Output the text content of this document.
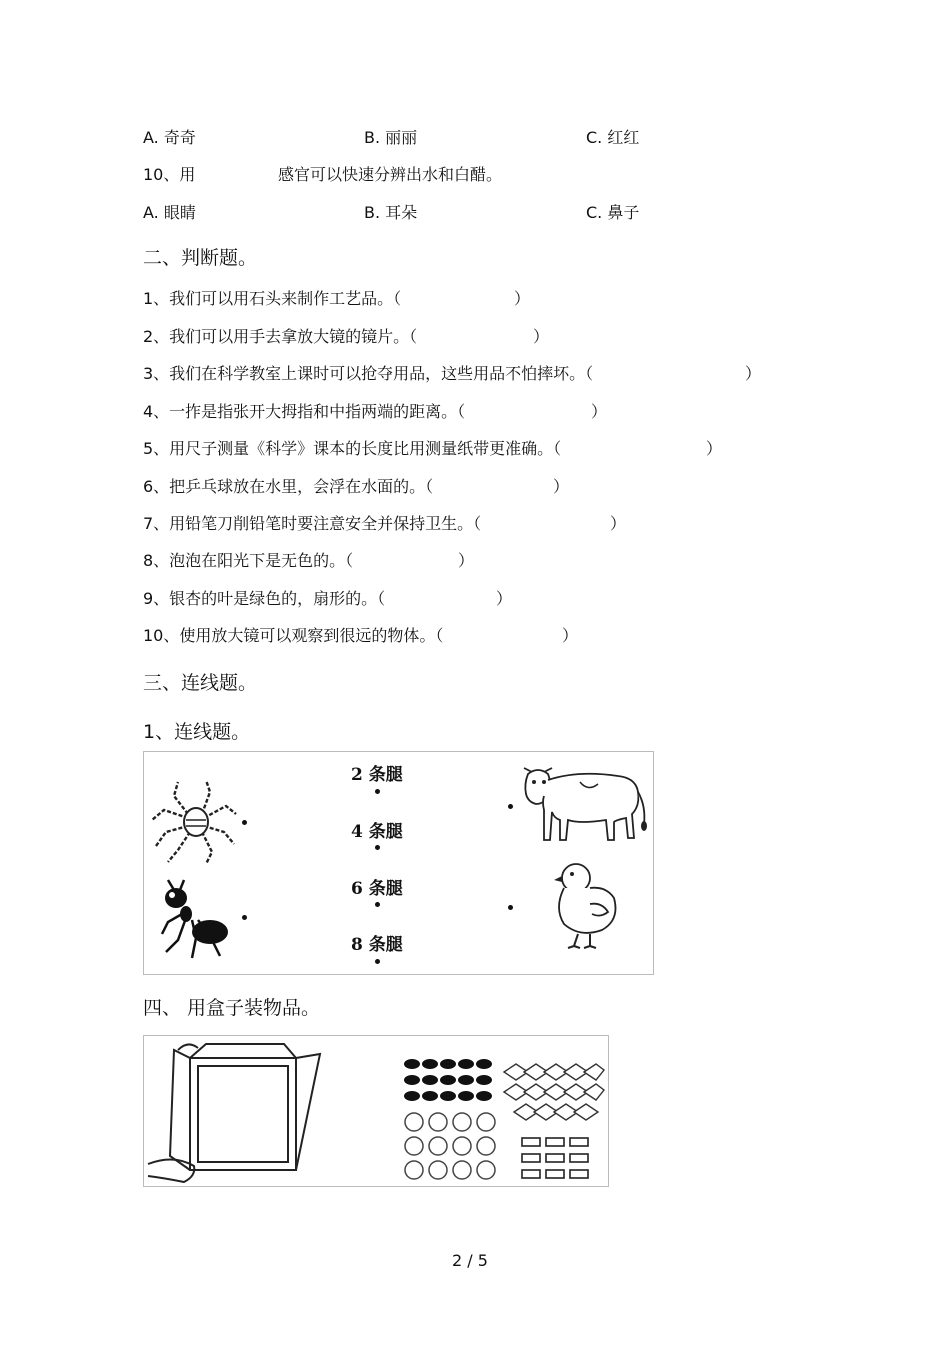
A. 奇奇	B. 丽丽	C. 红红
10、用	感官可以快速分辨出水和白醋。
A. 眼睛	B. 耳朵	C. 鼻子
二、判断题。
1、我们可以用石头来制作工艺品。（	）
2、我们可以用手去拿放大镜的镜片。（	）
3、我们在科学教室上课时可以抢夺用品，这些用品不怕摔坏。（	）
4、一拃是指张开大拇指和中指两端的距离。（	）
5、用尺子测量《科学》课本的长度比用测量纸带更准确。（	）
6、把乒乓球放在水里，会浮在水面的。（	）
7、用铅笔刀削铅笔时要注意安全并保持卫生。（	）
8、泡泡在阳光下是无色的。（	）
9、银杏的叶是绿色的，扇形的。（	）
10、使用放大镜可以观察到很远的物体。（	）
三、连线题。
1、连线题。
2 条腿
4 条腿
6 条腿
8 条腿
四、 用盒子装物品。
2 / 5
